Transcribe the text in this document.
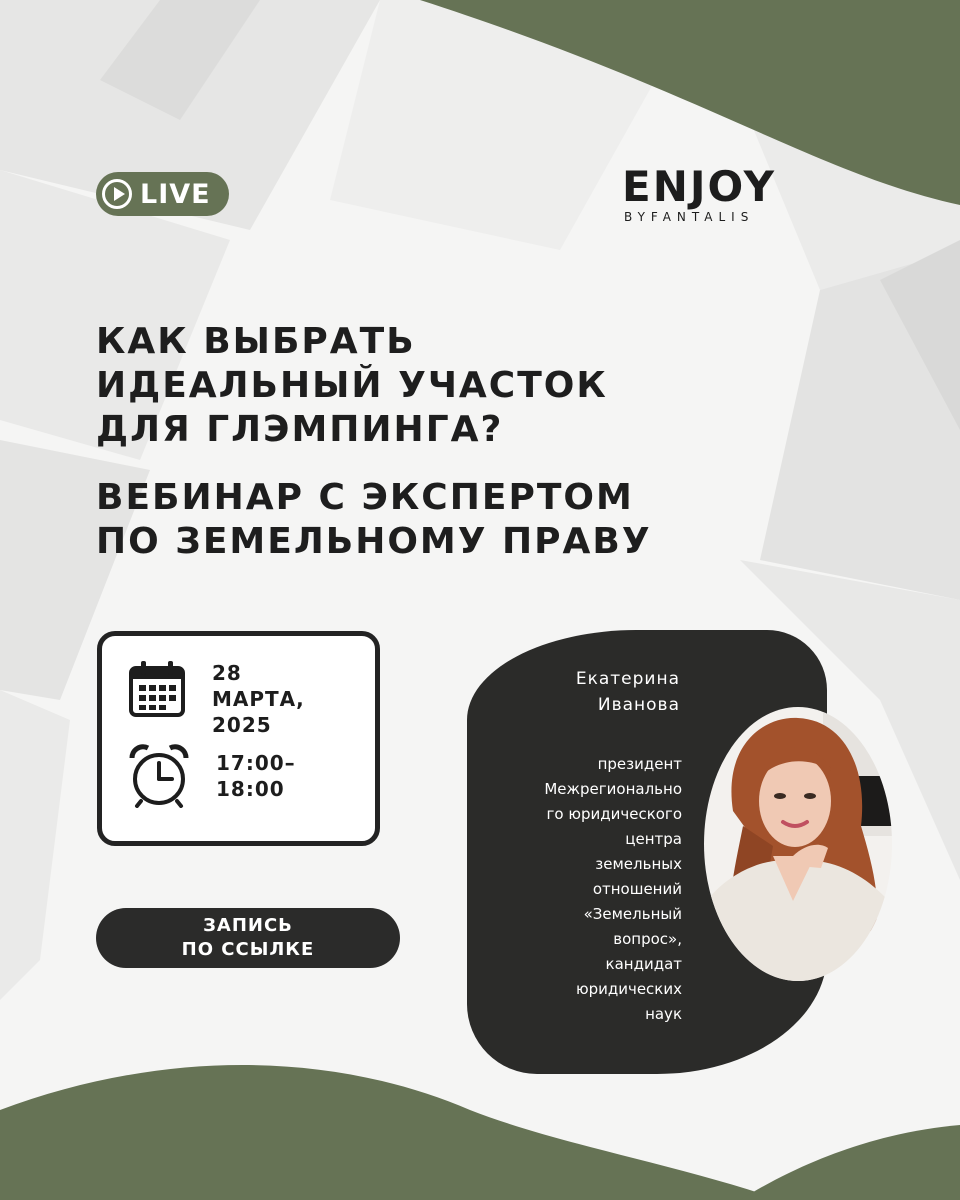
LIVE	ENJOY
BYFANTALIS
КАК ВЫБРАТЬ
ИДЕАЛЬНЫЙ УЧАСТОК
ДЛЯ ГЛЭМПИНГА?
ВЕБИНАР С ЭКСПЕРТОМ
ПО ЗЕМЕЛЬНОМУ ПРАВУ
28
МАРТА,
2025
17:00–
18:00
ЗАПИСЬ
ПО ССЫЛКЕ
Екатерина
Иванова
президент
Межрегиональнo
го юридического
центра
земельных
отношений
«Земельный
вопрос»,
кандидат
юридических
наук
